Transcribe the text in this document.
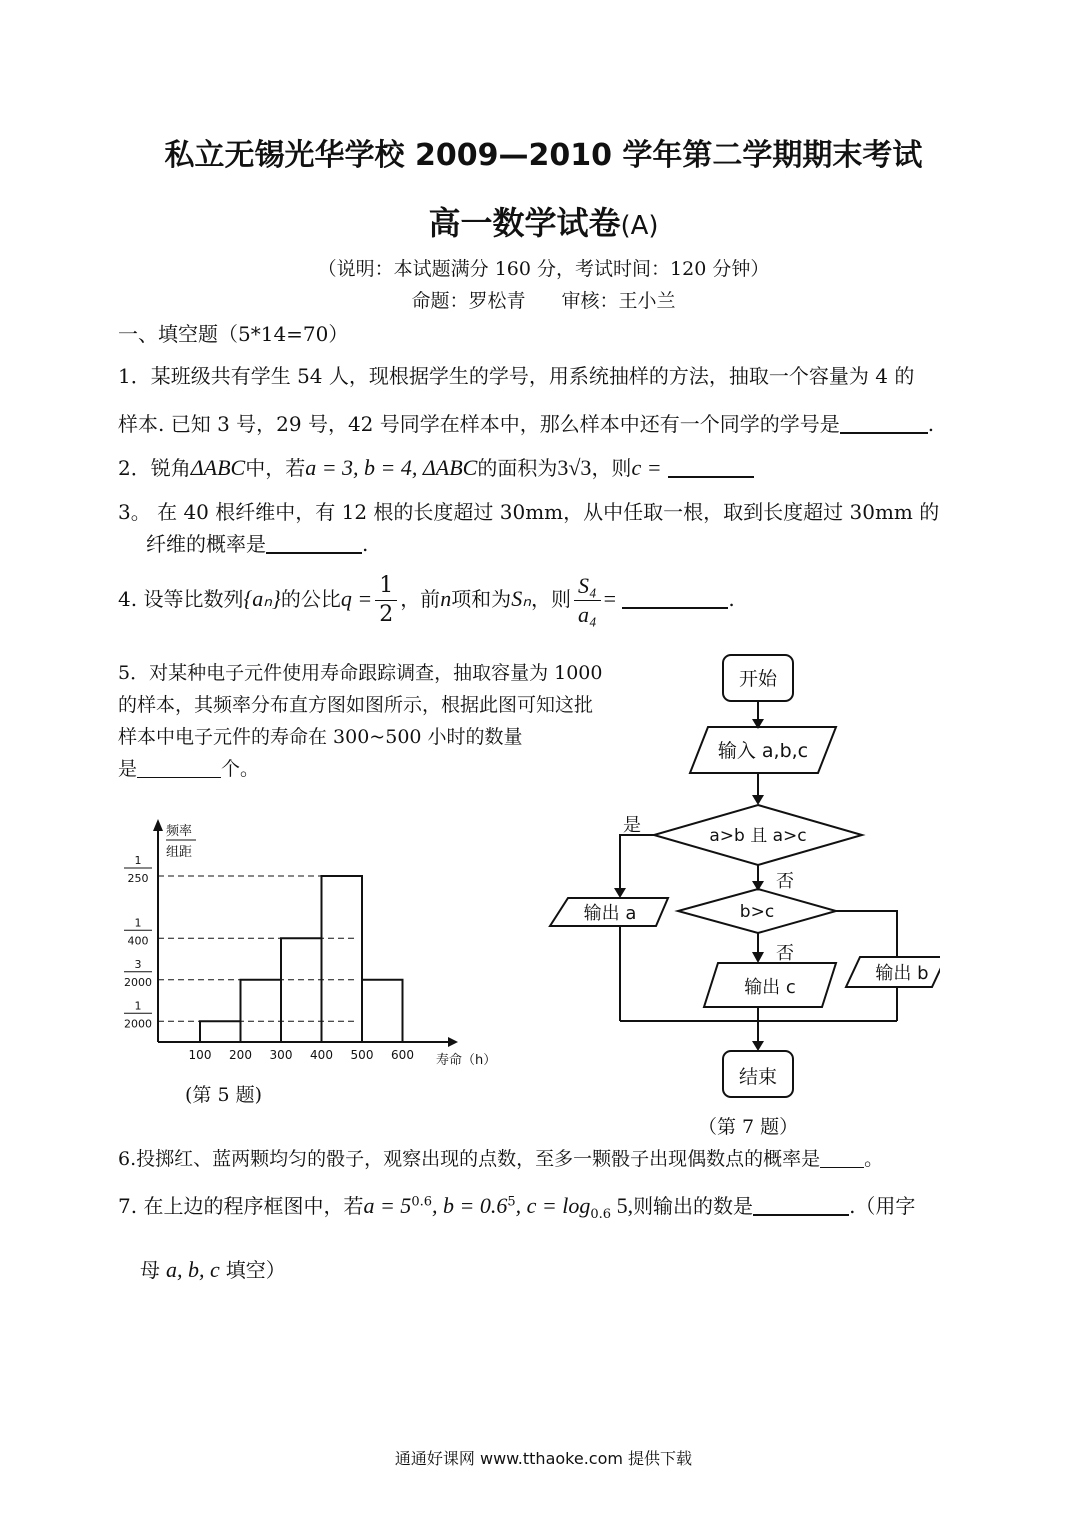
私立无锡光华学校 2009—2010 学年第二学期期末考试
高一数学试卷(A)
（说明：本试题满分 160 分，考试时间：120 分钟）
命题：罗松青 审核：王小兰
一、填空题（5*14=70）
1．某班级共有学生 54 人，现根据学生的学号，用系统抽样的方法，抽取一个容量为 4 的
样本. 已知 3 号，29 号，42 号同学在样本中，那么样本中还有一个同学的学号是	.
2．锐角ΔABC中，若a = 3, b = 4, ΔABC的面积为3√3，则c =
3。 在 40 根纤维中，有 12 根的长度超过 30mm，从中任取一根，取到长度超过 30mm 的
纤维的概率是	.
4. 设等比数列{aₙ}的公比$q = \frac{1}{2}$ ，前n项和为Sₙ，则 $\frac{\text{S₄}}{\text{a₄}}$ =	.
5．对某种电子元件使用寿命跟踪调查，抽取容量为 1000
的样本，其频率分布直方图如图所示，根据此图可知这批
样本中电子元件的寿命在 300~500 小时的数量
是	个。
频率
组距
1
2000
3
2000
1
400
1
250
100 200 300 400 500 600 寿命（h）
(第 5 题)
开始
输入 a,b,c
a>b 且 a>c
是
否
b>c
否
输出 a
输出 c
输出 b
结束
（第 7 题）
6.投掷红、蓝两颗均匀的骰子，观察出现的点数，至多一颗骰子出现偶数点的概率是 。
7. 在上边的程序框图中，若$a = 5^{0.6}$, $b = 0.6^5$, $c = \log_{0.6} 5$,则输出的数是	.（用字
母 a, b, c 填空）
通通好课网 www.tthaoke.com 提供下载
